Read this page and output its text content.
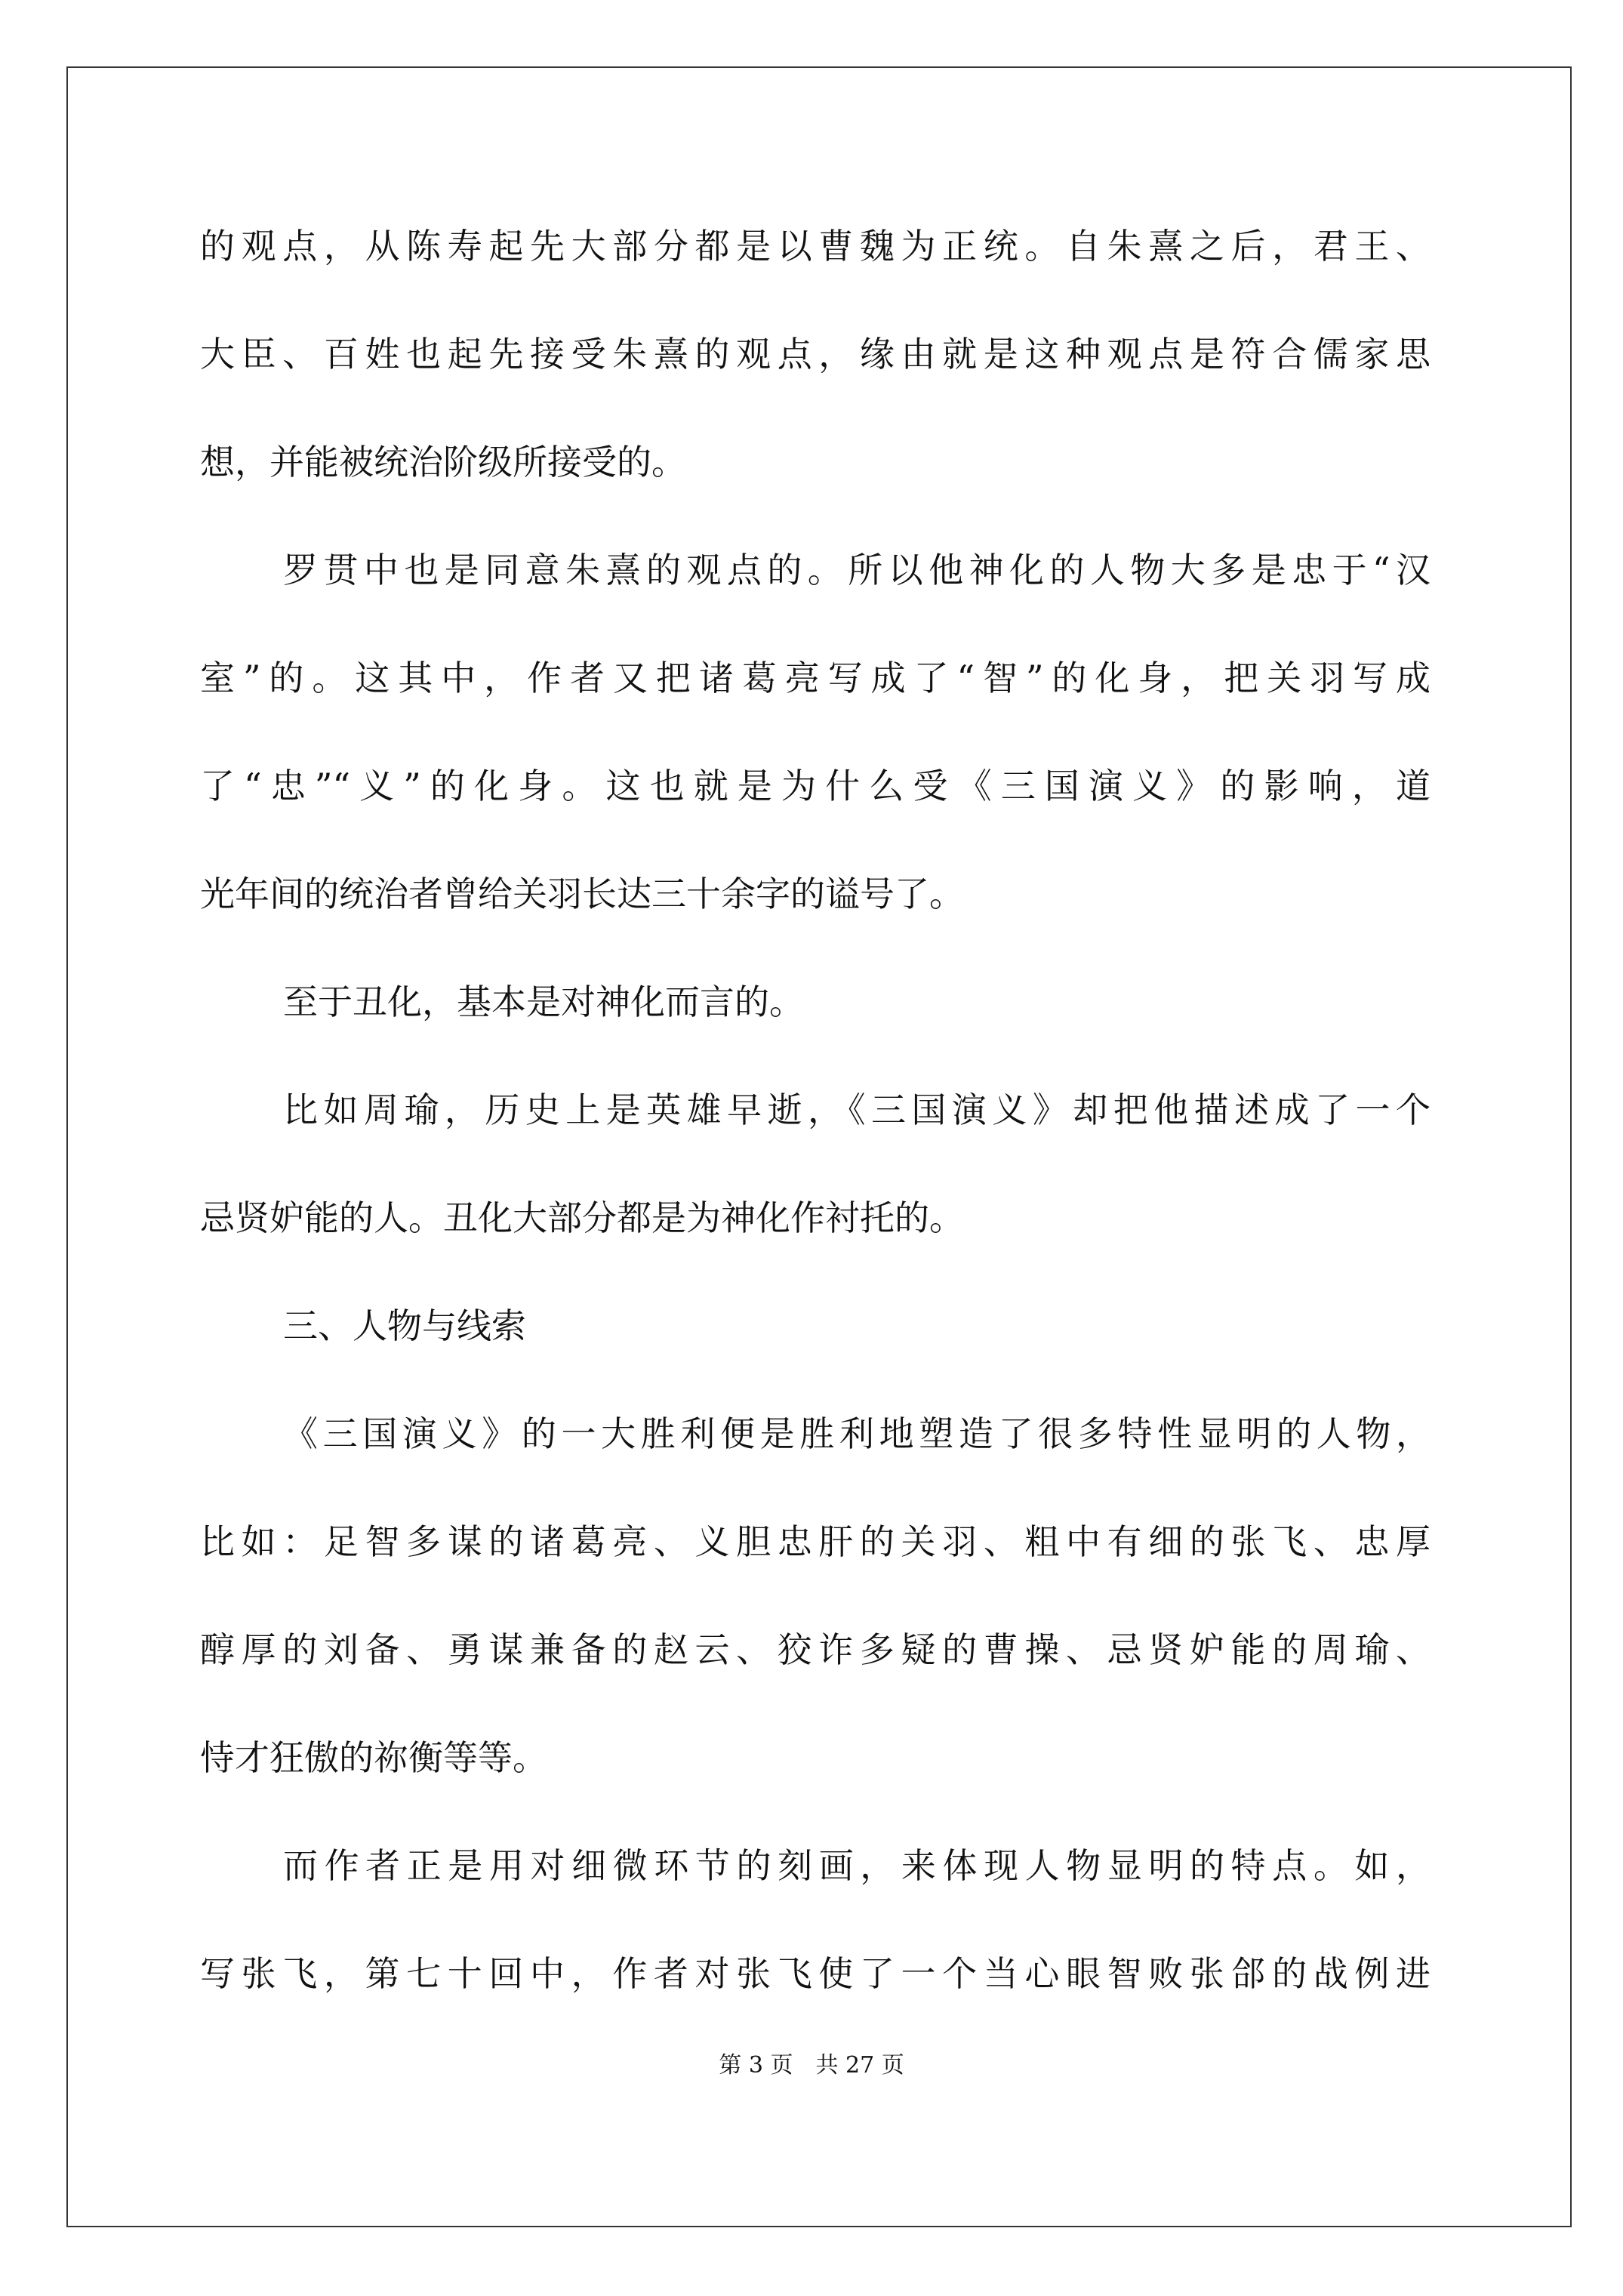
的观点，从陈寿起先大部分都是以曹魏为正统。自朱熹之后，君王、
大臣、百姓也起先接受朱熹的观点，缘由就是这种观点是符合儒家思
想，并能被统治阶级所接受的。
罗贯中也是同意朱熹的观点的。所以他神化的人物大多是忠于“汉
室”的。这其中，作者又把诸葛亮写成了“智”的化身，把关羽写成
了“忠”“义”的化身。这也就是为什么受《三国演义》的影响，道
光年间的统治者曾给关羽长达三十余字的谥号了。
至于丑化，基本是对神化而言的。
比如周瑜，历史上是英雄早逝，《三国演义》却把他描述成了一个
忌贤妒能的人。丑化大部分都是为神化作衬托的。
三、人物与线索
《三国演义》的一大胜利便是胜利地塑造了很多特性显明的人物，
比如：足智多谋的诸葛亮、义胆忠肝的关羽、粗中有细的张飞、忠厚
醇厚的刘备、勇谋兼备的赵云、狡诈多疑的曹操、忌贤妒能的周瑜、
恃才狂傲的祢衡等等。
而作者正是用对细微环节的刻画，来体现人物显明的特点。如，
写张飞，第七十回中，作者对张飞使了一个当心眼智败张郃的战例进
第 3 页　共 27 页
